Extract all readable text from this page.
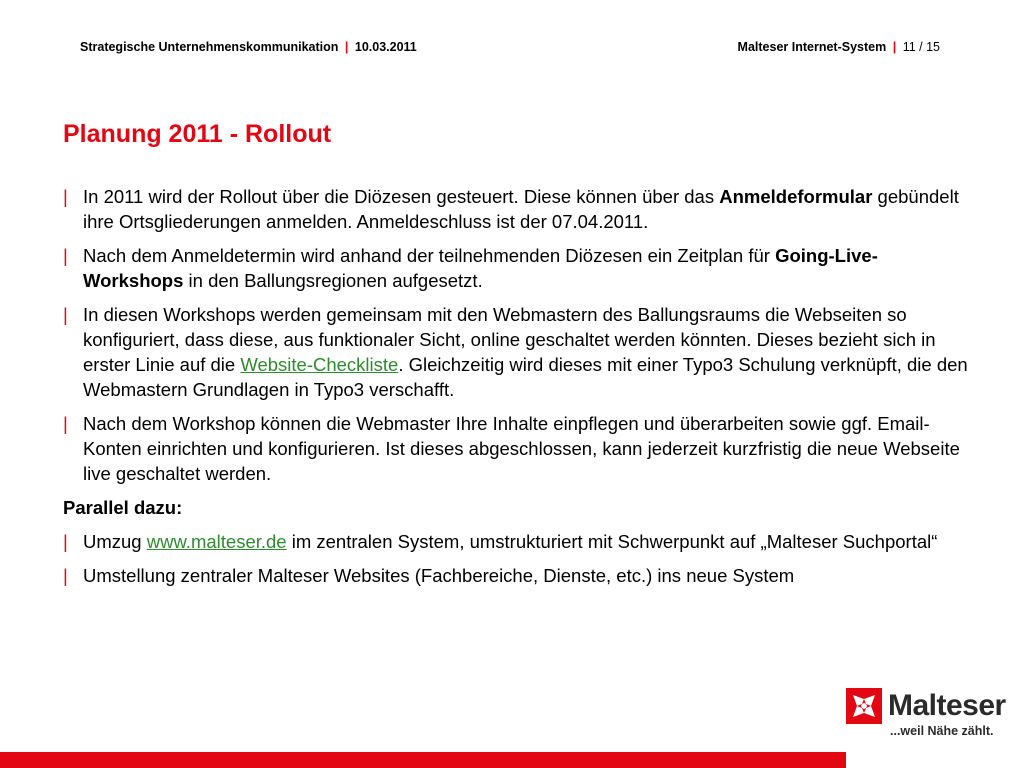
Strategische Unternehmenskommunikation | 10.03.2011	Malteser Internet-System | 11 / 15
Planung 2011 - Rollout
| In 2011 wird der Rollout über die Diözesen gesteuert. Diese können über das Anmeldeformular gebündelt ihre Ortsgliederungen anmelden. Anmeldeschluss ist der 07.04.2011.
| Nach dem Anmeldetermin wird anhand der teilnehmenden Diözesen ein Zeitplan für Going-Live-Workshops in den Ballungsregionen aufgesetzt.
| In diesen Workshops werden gemeinsam mit den Webmastern des Ballungsraums die Webseiten so konfiguriert, dass diese, aus funktionaler Sicht, online geschaltet werden könnten. Dieses bezieht sich in erster Linie auf die Website-Checkliste. Gleichzeitig wird dieses mit einer Typo3 Schulung verknüpft, die den Webmastern Grundlagen in Typo3 verschafft.
| Nach dem Workshop können die Webmaster Ihre Inhalte einpflegen und überarbeiten sowie ggf. Email-Konten einrichten und konfigurieren. Ist dieses abgeschlossen, kann jederzeit kurzfristig die neue Webseite live geschaltet werden.
Parallel dazu:
| Umzug www.malteser.de im zentralen System, umstrukturiert mit Schwerpunkt auf „Malteser Suchportal“
| Umstellung zentraler Malteser Websites (Fachbereiche, Dienste, etc.) ins neue System
Malteser
...weil Nähe zählt.
